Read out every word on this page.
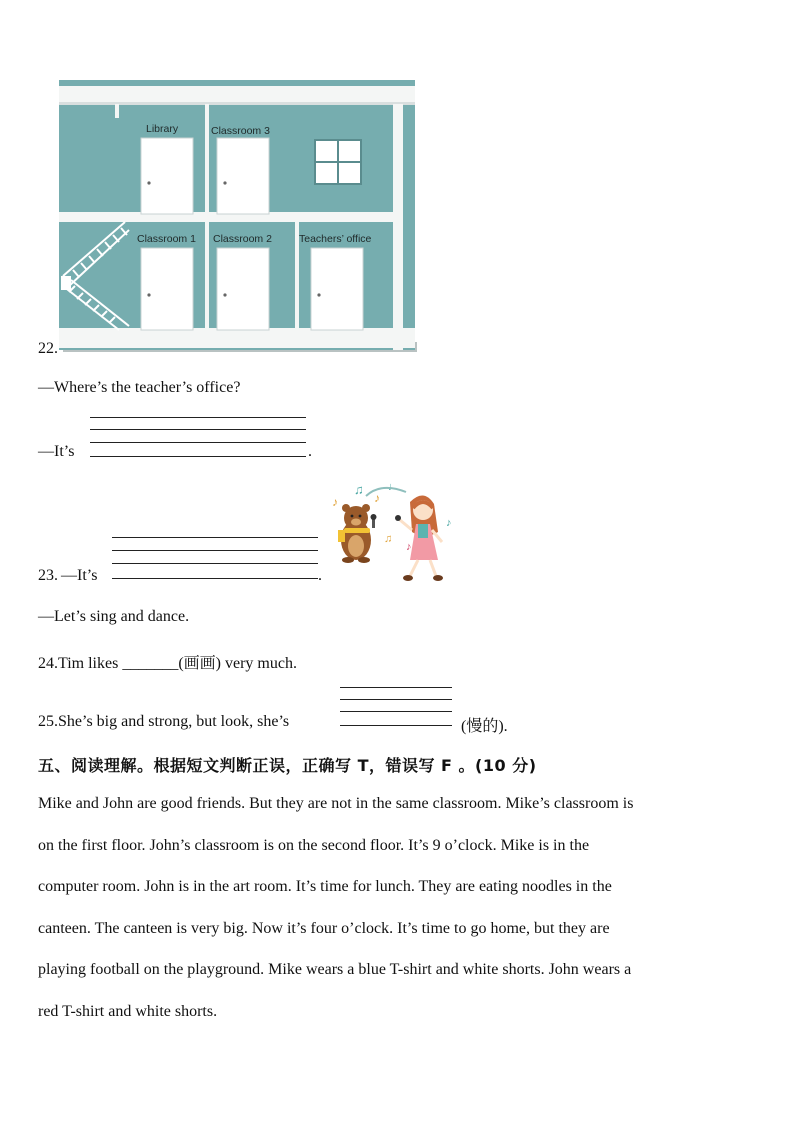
22.
Library	Classroom 3
Classroom 1 Classroom 2	Teachers’ office
—Where’s the teacher’s office?
—It’s	.
♪
♫
♪
♩
♪
♪
♫
23. —It’s	.
—Let’s sing and dance.
24.Tim likes _______(画画) very much.
25.She’s big and strong, but look, she’s	(慢的).
五、阅读理解。根据短文判断正误，正确写 T，错误写 F 。(10 分)

Mike and John are good friends. But they are not in the same classroom. Mike’s classroom is

on the first floor. John’s classroom is on the second floor. It’s 9 o’clock. Mike is in the

computer room. John is in the art room. It’s time for lunch. They are eating noodles in the

canteen. The canteen is very big. Now it’s four o’clock. It’s time to go home, but they are

playing football on the playground. Mike wears a blue T-shirt and white shorts. John wears a

red T-shirt and white shorts.
